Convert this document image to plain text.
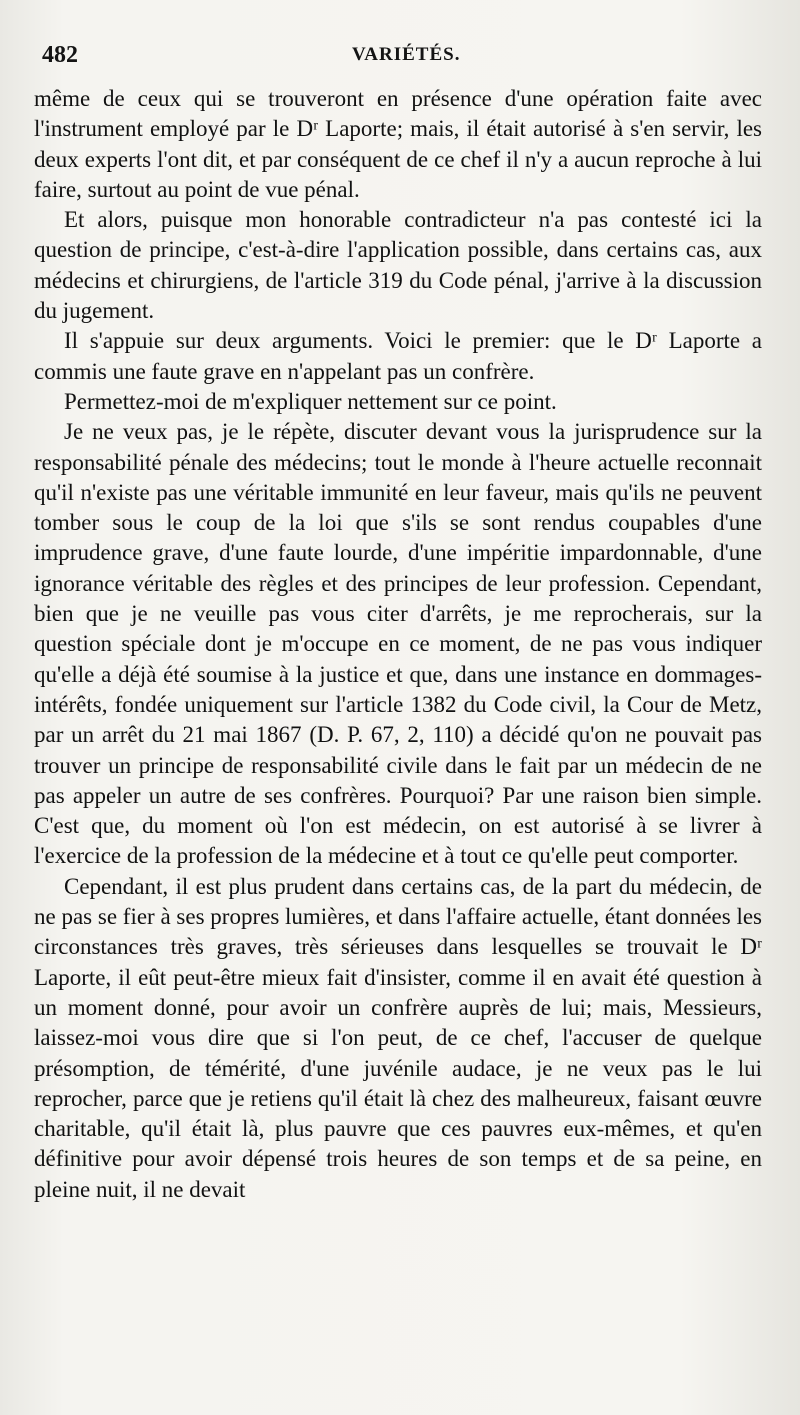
482	VARIÉTÉS.

même de ceux qui se trouveront en présence d'une opération faite avec l'instrument employé par le Dʳ Laporte; mais, il était autorisé à s'en servir, les deux experts l'ont dit, et par conséquent de ce chef il n'y a aucun reproche à lui faire, surtout au point de vue pénal.

Et alors, puisque mon honorable contradicteur n'a pas contesté ici la question de principe, c'est-à-dire l'application possible, dans certains cas, aux médecins et chirurgiens, de l'article 319 du Code pénal, j'arrive à la discussion du jugement.

Il s'appuie sur deux arguments. Voici le premier: que le Dʳ Laporte a commis une faute grave en n'appelant pas un confrère.

Permettez-moi de m'expliquer nettement sur ce point.

Je ne veux pas, je le répète, discuter devant vous la jurisprudence sur la responsabilité pénale des médecins; tout le monde à l'heure actuelle reconnait qu'il n'existe pas une véritable immunité en leur faveur, mais qu'ils ne peuvent tomber sous le coup de la loi que s'ils se sont rendus coupables d'une imprudence grave, d'une faute lourde, d'une impéritie impardonnable, d'une ignorance véritable des règles et des principes de leur profession. Cependant, bien que je ne veuille pas vous citer d'arrêts, je me reprocherais, sur la question spéciale dont je m'occupe en ce moment, de ne pas vous indiquer qu'elle a déjà été soumise à la justice et que, dans une instance en dommages-intérêts, fondée uniquement sur l'article 1382 du Code civil, la Cour de Metz, par un arrêt du 21 mai 1867 (D. P. 67, 2, 110) a décidé qu'on ne pouvait pas trouver un principe de responsabilité civile dans le fait par un médecin de ne pas appeler un autre de ses confrères. Pourquoi? Par une raison bien simple. C'est que, du moment où l'on est médecin, on est autorisé à se livrer à l'exercice de la profession de la médecine et à tout ce qu'elle peut comporter.

Cependant, il est plus prudent dans certains cas, de la part du médecin, de ne pas se fier à ses propres lumières, et dans l'affaire actuelle, étant données les circonstances très graves, très sérieuses dans lesquelles se trouvait le Dʳ Laporte, il eût peut-être mieux fait d'insister, comme il en avait été question à un moment donné, pour avoir un confrère auprès de lui; mais, Messieurs, laissez-moi vous dire que si l'on peut, de ce chef, l'accuser de quelque présomption, de témérité, d'une juvénile audace, je ne veux pas le lui reprocher, parce que je retiens qu'il était là chez des malheureux, faisant œuvre charitable, qu'il était là, plus pauvre que ces pauvres eux-mêmes, et qu'en définitive pour avoir dépensé trois heures de son temps et de sa peine, en pleine nuit, il ne devait
